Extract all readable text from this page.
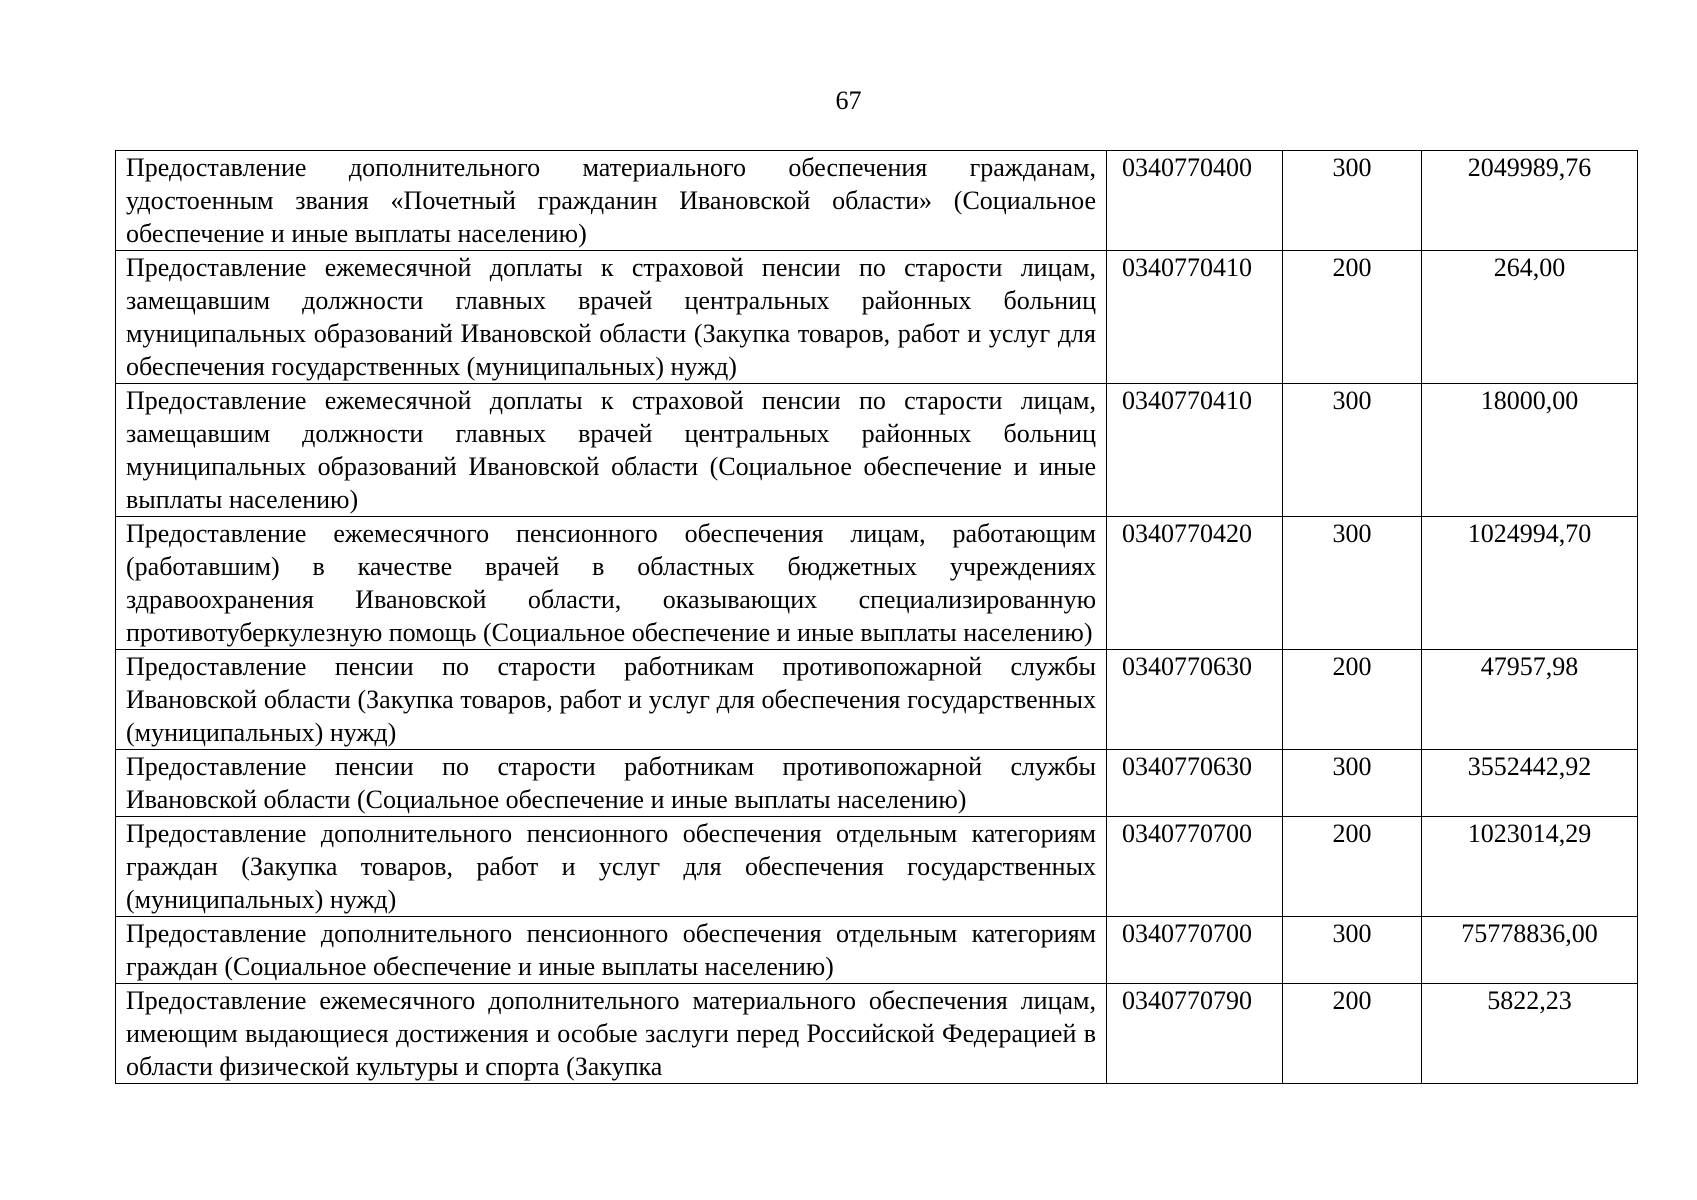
67
Предоставление дополнительного материального обеспечения гражданам, удостоенным звания «Почетный гражданин Ивановской области» (Социальное обеспечение и иные выплаты населению)	0340770400	300	2049989,76
Предоставление ежемесячной доплаты к страховой пенсии по старости лицам, замещавшим должности главных врачей центральных районных больниц муниципальных образований Ивановской области (Закупка товаров, работ и услуг для обеспечения государственных (муниципальных) нужд)	0340770410	200	264,00
Предоставление ежемесячной доплаты к страховой пенсии по старости лицам, замещавшим должности главных врачей центральных районных больниц муниципальных образований Ивановской области (Социальное обеспечение и иные выплаты населению)	0340770410	300	18000,00
Предоставление ежемесячного пенсионного обеспечения лицам, работающим (работавшим) в качестве врачей в областных бюджетных учреждениях здравоохранения Ивановской области, оказывающих специализированную противотуберкулезную помощь (Социальное обеспечение и иные выплаты населению)	0340770420	300	1024994,70
Предоставление пенсии по старости работникам противопожарной службы Ивановской области (Закупка товаров, работ и услуг для обеспечения государственных (муниципальных) нужд)	0340770630	200	47957,98
Предоставление пенсии по старости работникам противопожарной службы Ивановской области (Социальное обеспечение и иные выплаты населению)	0340770630	300	3552442,92
Предоставление дополнительного пенсионного обеспечения отдельным категориям граждан (Закупка товаров, работ и услуг для обеспечения государственных (муниципальных) нужд)	0340770700	200	1023014,29
Предоставление дополнительного пенсионного обеспечения отдельным категориям граждан (Социальное обеспечение и иные выплаты населению)	0340770700	300	75778836,00
Предоставление ежемесячного дополнительного материального обеспечения лицам, имеющим выдающиеся достижения и особые заслуги перед Российской Федерацией в области физической культуры и спорта (Закупка	0340770790	200	5822,23
